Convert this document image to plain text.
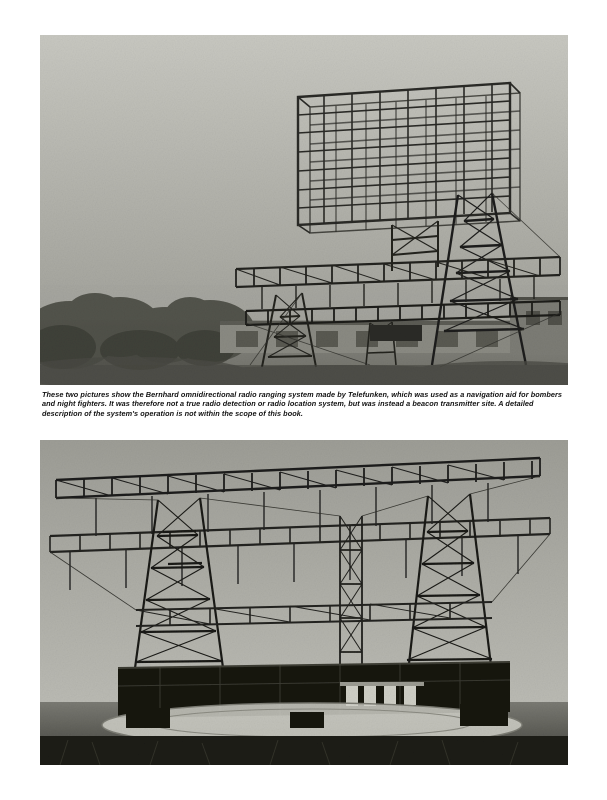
These two pictures show the Bernhard omnidirectional radio ranging system made by Telefunken, which was used as a navigation aid for bombers and night fighters. It was therefore not a true radio detection or radio location system, but was instead a beacon transmitter site. A detailed description of the system's operation is not within the scope of this book.
